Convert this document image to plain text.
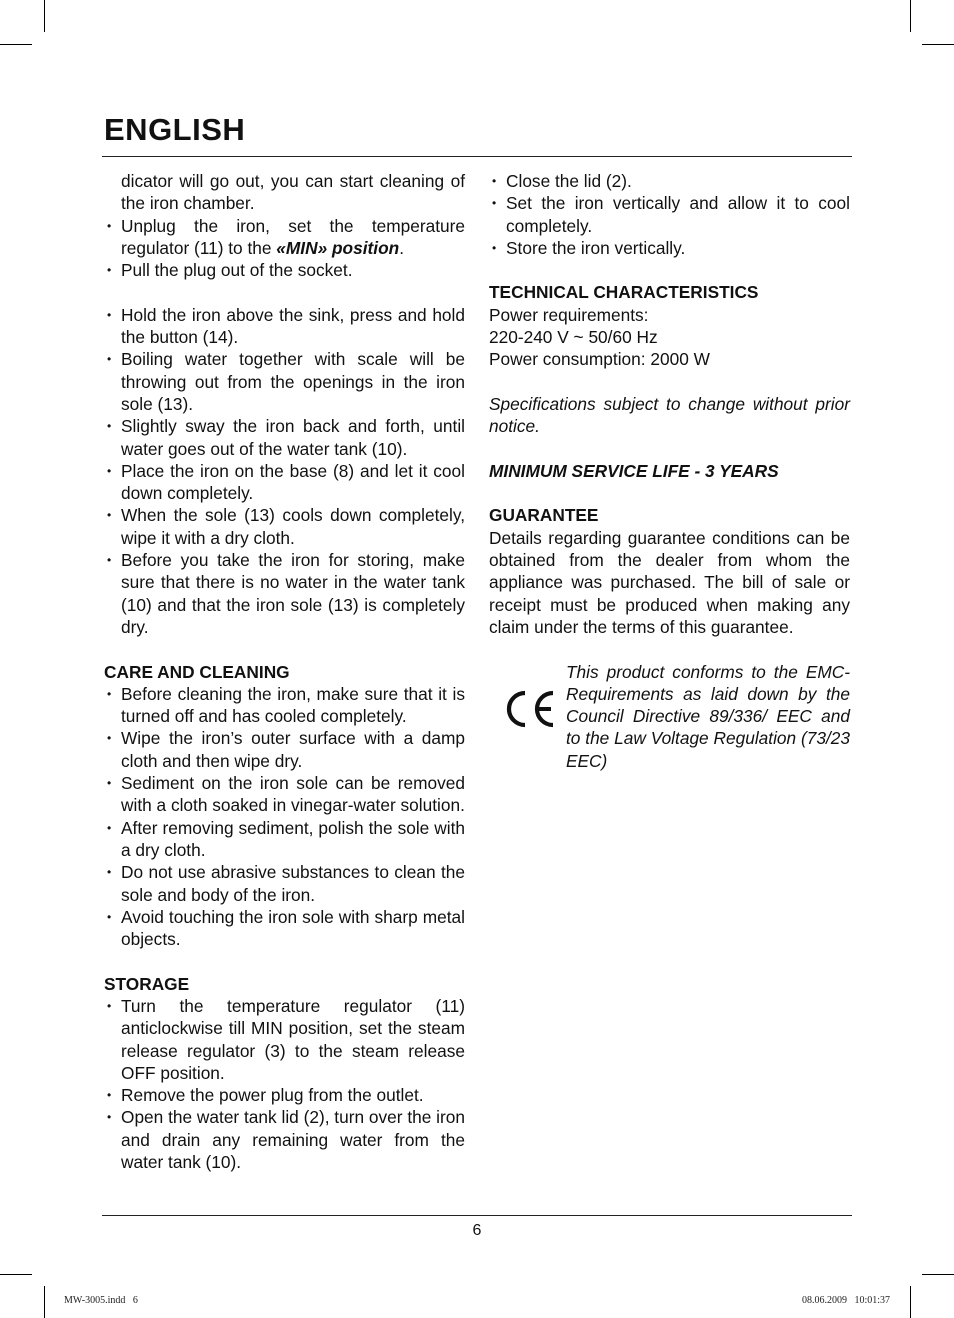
ENGLISH

dicator will go out, you can start cleaning of the iron chamber.

• Unplug the iron, set the temperature regulator (11) to the «MIN» position.
• Pull the plug out of the socket.
• Hold the iron above the sink, press and hold the button (14).
• Boiling water together with scale will be throwing out from the openings in the iron sole (13).
• Slightly sway the iron back and forth, until water goes out of the water tank (10).
• Place the iron on the base (8) and let it cool down completely.
• When the sole (13) cools down completely, wipe it with a dry cloth.
• Before you take the iron for storing, make sure that there is no water in the water tank (10) and that the iron sole (13) is completely dry.

CARE AND CLEANING

• Before cleaning the iron, make sure that it is turned off and has cooled completely.
• Wipe the iron’s outer surface with a damp cloth and then wipe dry.
• Sediment on the iron sole can be removed with a cloth soaked in vinegar-water solution.
• After removing sediment, polish the sole with a dry cloth.
• Do not use abrasive substances to clean the sole and body of the iron.
• Avoid touching the iron sole with sharp metal objects.

STORAGE

• Turn the temperature regulator (11) anticlockwise till MIN position, set the steam release regulator (3) to the steam release OFF position.
• Remove the power plug from the outlet.
• Open the water tank lid (2), turn over the iron and drain any remaining water from the water tank (10).
• Close the lid (2).
• Set the iron vertically and allow it to cool completely.
• Store the iron vertically.

TECHNICAL CHARACTERISTICS

Power requirements:

220-240 V ~ 50/60 Hz

Power consumption: 2000 W

Specifications subject to change without prior notice.

MINIMUM SERVICE LIFE - 3 YEARS

GUARANTEE

Details regarding guarantee conditions can be obtained from the dealer from whom the appliance was purchased. The bill of sale or receipt must be produced when making any claim under the terms of this guarantee.

This product conforms to the EMC-Requirements as laid down by the Council Directive 89/336/ EEC and to the Law Voltage Regulation (73/23 EEC)

6
MW-3005.indd   6	08.06.2009   10:01:37
